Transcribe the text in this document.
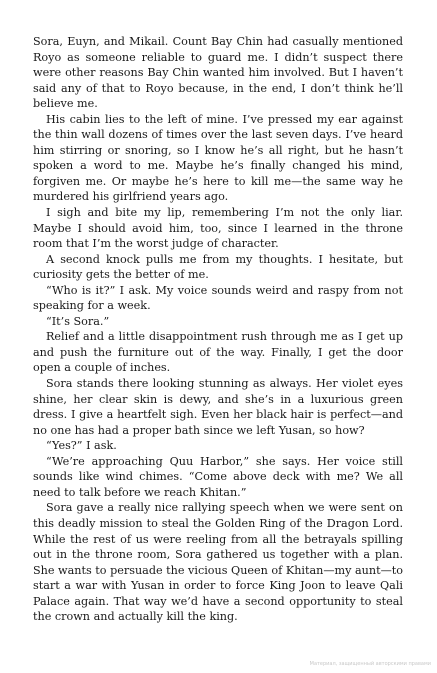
Sora, Euyn, and Mikail. Count Bay Chin had casually mentioned Royo as someone reliable to guard me. I didn’t suspect there were other reasons Bay Chin wanted him involved. But I haven’t said any of that to Royo because, in the end, I don’t think he’ll believe me.

His cabin lies to the left of mine. I’ve pressed my ear against the thin wall dozens of times over the last seven days. I’ve heard him stirring or snoring, so I know he’s all right, but he hasn’t spoken a word to me. Maybe he’s finally changed his mind, forgiven me. Or maybe he’s here to kill me—the same way he murdered his girlfriend years ago.

I sigh and bite my lip, remembering I’m not the only liar. Maybe I should avoid him, too, since I learned in the throne room that I’m the worst judge of character.

A second knock pulls me from my thoughts. I hesitate, but curiosity gets the better of me.

“Who is it?” I ask. My voice sounds weird and raspy from not speaking for a week.

“It’s Sora.”

Relief and a little disappointment rush through me as I get up and push the furniture out of the way. Finally, I get the door open a couple of inches.

Sora stands there looking stunning as always. Her violet eyes shine, her clear skin is dewy, and she’s in a luxurious green dress. I give a heartfelt sigh. Even her black hair is perfect—and no one has had a proper bath since we left Yusan, so how?

“Yes?” I ask.

“We’re approaching Quu Harbor,” she says. Her voice still sounds like wind chimes. “Come above deck with me? We all need to talk before we reach Khitan.”

Sora gave a really nice rallying speech when we were sent on this deadly mission to steal the Golden Ring of the Dragon Lord. While the rest of us were reeling from all the betrayals spilling out in the throne room, Sora gathered us together with a plan. She wants to persuade the vicious Queen of Khitan—my aunt—to start a war with Yusan in order to force King Joon to leave Qali Palace again. That way we’d have a second opportunity to steal the crown and actually kill the king.

Материал, защищенный авторскими правами
